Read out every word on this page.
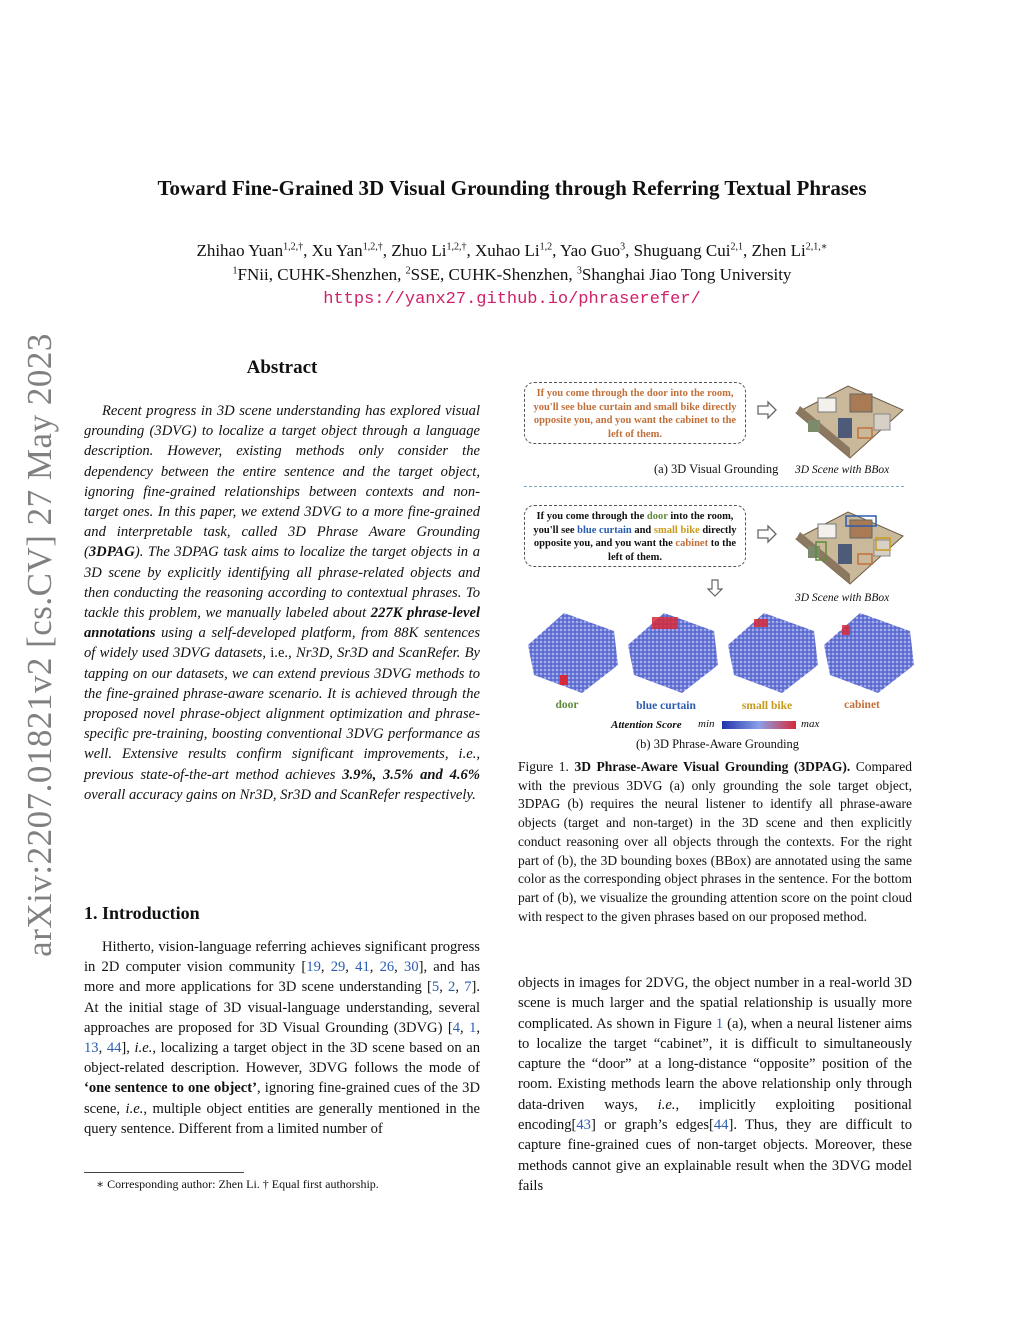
arXiv:2207.01821v2 [cs.CV] 27 May 2023
Toward Fine-Grained 3D Visual Grounding through Referring Textual Phrases
Zhihao Yuan$^{1,2,\dagger}$, Xu Yan$^{1,2,\dagger}$, Zhuo $Li^{1,2,\dagger}$, Xuhao Li$^{1,2}$, Yao Guo$^3$, Shuguang Cui$^{2,1}$, Zhen $Li^{2,1,∗}$
$^1$FNii, CUHK-Shenzhen, $^2$SSE, CUHK-Shenzhen, $^3$Shanghai Jiao Tong University
https://yanx27.github.io/phraserefer/
Abstract
Recent progress in 3D scene understanding has explored visual grounding (3DVG) to localize a target object through a language description. However, existing methods only consider the dependency between the entire sentence and the target object, ignoring fine-grained relationships between contexts and non-target ones. In this paper, we extend 3DVG to a more fine-grained and interpretable task, called 3D Phrase Aware Grounding (3DPAG). The 3DPAG task aims to localize the target objects in a 3D scene by explicitly identifying all phrase-related objects and then conducting the reasoning according to contextual phrases. To tackle this problem, we manually labeled about 227K phrase-level annotations using a self-developed platform, from 88K sentences of widely used 3DVG datasets, i.e., Nr3D, Sr3D and ScanRefer. By tapping on our datasets, we can extend previous 3DVG methods to the fine-grained phrase-aware scenario. It is achieved through the proposed novel phrase-object alignment optimization and phrase-specific pre-training, boosting conventional 3DVG performance as well. Extensive results confirm significant improvements, i.e., previous state-of-the-art method achieves 3.9%, 3.5% and 4.6% overall accuracy gains on Nr3D, Sr3D and ScanRefer respectively.
1. Introduction
Hitherto, vision-language referring achieves significant progress in 2D computer vision community [19, 29, 41, 26, 30], and has more and more applications for 3D scene understanding [5, 2, 7]. At the initial stage of 3D visual-language understanding, several approaches are proposed for 3D Visual Grounding (3DVG) [4, 1, 13, 44], i.e., localizing a target object in the 3D scene based on an object-related description. However, 3DVG follows the mode of ‘one sentence to one object’, ignoring fine-grained cues of the 3D scene, i.e., multiple object entities are generally mentioned in the query sentence. Different from a limited number of
∗ Corresponding author: Zhen Li. † Equal first authorship.
If you come through the door into the room, you'll see blue curtain and small bike directly opposite you, and you want the cabinet to the left of them.
(a) 3D Visual Grounding 3D Scene with BBox
If you come through the door into the room, you'll see blue curtain and small bike directly opposite you, and you want the cabinet to the left of them.
3D Scene with BBox
door	blue curtain	small bike	cabinet
Attention Score min	max
(b) 3D Phrase-Aware Grounding
Figure 1. 3D Phrase-Aware Visual Grounding (3DPAG). Compared with the previous 3DVG (a) only grounding the sole target object, 3DPAG (b) requires the neural listener to identify all phrase-aware objects (target and non-target) in the 3D scene and then explicitly conduct reasoning over all objects through the contexts. For the right part of (b), the 3D bounding boxes (BBox) are annotated using the same color as the corresponding object phrases in the sentence. For the bottom part of (b), we visualize the grounding attention score on the point cloud with respect to the given phrases based on our proposed method.
objects in images for 2DVG, the object number in a real-world 3D scene is much larger and the spatial relationship is usually more complicated. As shown in Figure 1 (a), when a neural listener aims to localize the target “cabinet”, it is difficult to simultaneously capture the “door” at a long-distance “opposite” position of the room. Existing methods learn the above relationship only through data-driven ways, i.e., implicitly exploiting positional encoding[43] or graph’s edges[44]. Thus, they are difficult to capture fine-grained cues of non-target objects. Moreover, these methods cannot give an explainable result when the 3DVG model fails
